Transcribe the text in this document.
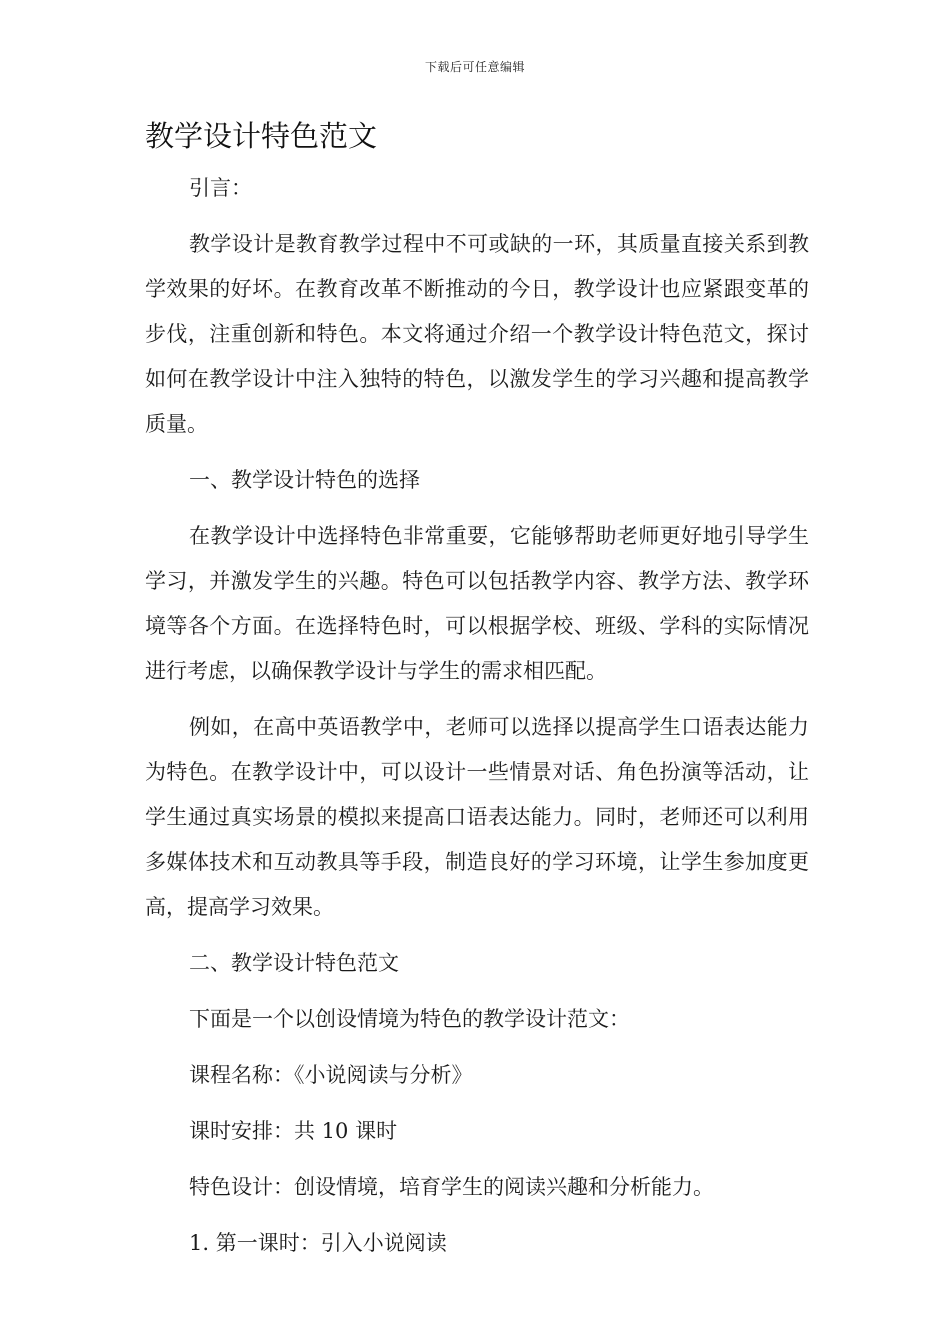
下载后可任意编辑
教学设计特色范文

引言：

教学设计是教育教学过程中不可或缺的一环，其质量直接关系到教学效果的好坏。在教育改革不断推动的今日，教学设计也应紧跟变革的步伐，注重创新和特色。本文将通过介绍一个教学设计特色范文，探讨如何在教学设计中注入独特的特色，以激发学生的学习兴趣和提高教学质量。

一、教学设计特色的选择

在教学设计中选择特色非常重要，它能够帮助老师更好地引导学生学习，并激发学生的兴趣。特色可以包括教学内容、教学方法、教学环境等各个方面。在选择特色时，可以根据学校、班级、学科的实际情况进行考虑，以确保教学设计与学生的需求相匹配。

例如，在高中英语教学中，老师可以选择以提高学生口语表达能力为特色。在教学设计中，可以设计一些情景对话、角色扮演等活动，让学生通过真实场景的模拟来提高口语表达能力。同时，老师还可以利用多媒体技术和互动教具等手段，制造良好的学习环境，让学生参加度更高，提高学习效果。

二、教学设计特色范文

下面是一个以创设情境为特色的教学设计范文：

课程名称：《小说阅读与分析》

课时安排：共 10 课时

特色设计：创设情境，培育学生的阅读兴趣和分析能力。

1. 第一课时：引入小说阅读
